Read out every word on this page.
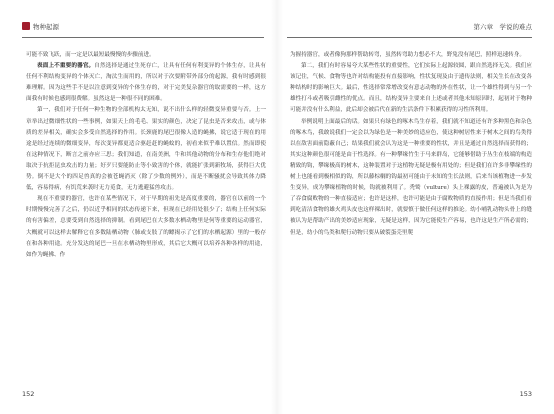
物种起源

可能不致飞跃，而一定是以最短最慢慢的步骤前进。

表面上不重要的器官。自然选择是通过生死存亡，让具有任何有利变异的个体生存，让具有任何不利结构变异的个体灭亡，淘汰生而用的，所以对于次要附带外部分的起源，我有时感到很难理解。因为这些手不是以注意到变异的个体生存的，对于完美复杂器官的取需要的一样，这方面我有时候也感到很费解。虽然这是一种很不同的困难。

第一，我们对于任何一种生物的全部机构太无知，说不出什么样的轻微变异重要与否。上一章举出过微细性状的一些事例，如果天上的毛毛、果实的颜色，决定了昆虫是否来攻击，或与体质的差异相关，确实会多受自然选择的作用。长颈鹿的尾巴很像人造的蝇拂，说它适于现在的用途是经过连续的微细变异，每次变异都更适合驱赶赶的蝇蚊的，初看来似乎难以置信。然而即使在这种情况下，断言之前亦应三思；我们知道，在南美洲，牛和其他动物的分布和生存他们绝对取决于抗拒昆虫攻击的力量；好歹只要能防止等小致害的个体，就能扩张到新牧场，获得巨大优势。倒不是大个的四足兽真的会被苍蝇消灭（除了少数的例外），而是不断骚扰会导致其体力降低，容易得病，有饥荒来袭时无力觅食，无力逃避猛兽攻击。

现在不重要的器官，也许在某些情况下，对于早期的祖先是高度重要的，器官在以前的一个时期慢慢完善了之后，仍以近乎相同的状态传递下来，但现在已经用处很少了；结构上任何实际的有害偏差，总要受到自然选择的抑制。看到尾巴在大多数水栖动物里是何等重要的运动器官，大概就可以这样去解释它在多数陆栖动物（肺或支肢了的鳔揭示了它们的水栖起源）里的一般存在和各种用途。充分发达的尾巴一旦在水栖动物里形成，其后它大概可以培养各种各样的用途，如作为蝇拂、作

152
第六章　学说的难点

为握持器官，或者像狗那样帮助转弯，虽然转弯助力想必不大，野兔没有尾巴，照样迅速转身。

第二，我们有时容易夸大某些性状的重要性，它们实际上起源较圆，跟自然选择无关。我们应该记住，气候、食物等也许对结构能投有直接影响，性状复现及由于遗传法则，相关生长在改变各种结构时的影响巨大。最后，性选择常常增改变有意志动物的外在性状，让一个雄性得到与另一个雄性打斗或者吸引雌性的优点。而且，结构变异主要来自上述或者其他未知原因时，起初对于物种可能并没有什么利益，此后却会被后代在新的生活条件下积累获得的习性所利用。

举例说明上面最后的话。如果只有绿色的啄木鸟生存着，我们就不知道还有许多种黑色和杂色的啄木鸟，我敢说我们一定会以为绿色是一种美妙的适应色，使这种树居性来于树木之间的鸟类得以在敌害面前隐蔽自己；结果我们就会认为这是一种重要的性状，并且是通过自然选择而获得的；其实这种颜色很可能是由于性选择。有一种攀缘竹生于马来群岛，它能够借助于丛生在枝端的构造精致的钩，攀缘极高的树木，这种装置对于这植物无疑是极有用处的；但是我们在许多非攀缘性的树上也能看到极相似的钩，所以藤棕榈的钩最初可能由于未知的生长法则，后来当该植物进一步发生变异，成为攀缘植物的时候，钩就被利用了。秃鹫（vulture）头上裸露的皮，普遍被认为是为了吞食腐败物的一种直接适应；也许是这样，也许可能是由于腐败物质的直接作用；但是当我们看到吃清洁食物的雄火鸡头皮也这样裸出时，就要慎于做任何这样的推论。幼小哺乳动物头骨上的缝被认为是帮助产出的美妙适应现象，无疑是这样，因为它能使生产容易，也许这是生产所必需的；但是，幼小的鸟类和爬行动物只要从破裂蛋壳里爬

153
